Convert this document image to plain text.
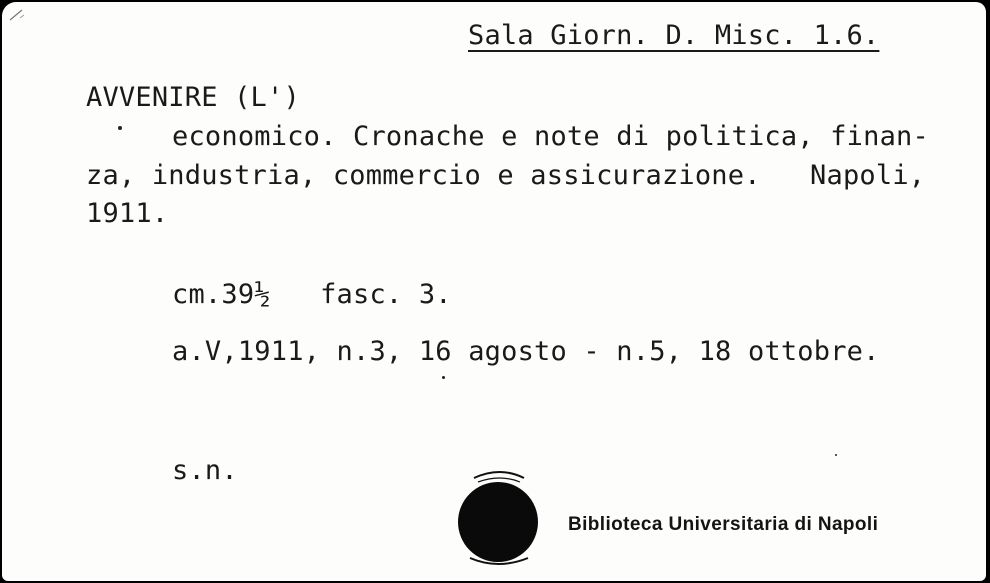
Sala Giorn. D. Misc. 1.6.
AVVENIRE (L')
economico. Cronache e note di politica, finan-
za, industria, commercio e assicurazione.   Napoli,
1911.
cm.39½   fasc. 3.
a.V,1911, n.3, 16 agosto - n.5, 18 ottobre.
s.n.
Biblioteca Universitaria di Napoli
